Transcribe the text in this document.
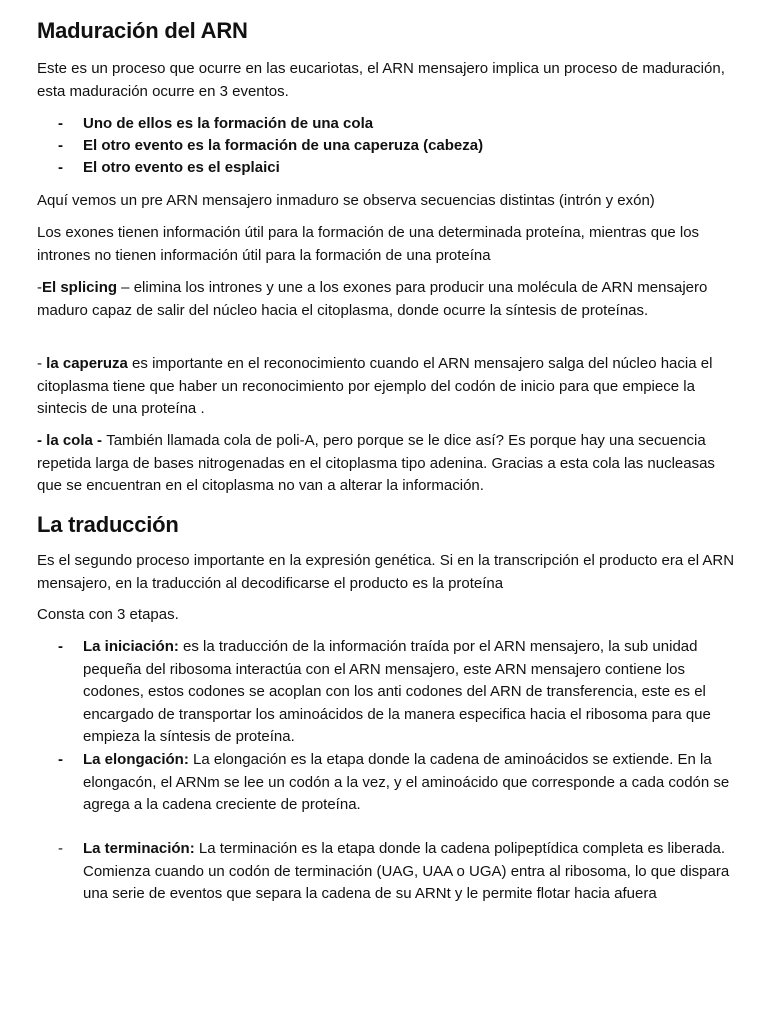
Maduración del ARN

Este es un proceso que ocurre en las eucariotas, el ARN mensajero implica un proceso de maduración, esta maduración ocurre en 3 eventos.

- Uno de ellos es la formación de una cola
- El otro evento es la formación de una caperuza (cabeza)
- El otro evento es el esplaici

Aquí vemos un pre ARN mensajero inmaduro se observa secuencias distintas (intrón y exón)

Los exones tienen información útil para la formación de una determinada proteína, mientras que los intrones no tienen información útil para la formación de una proteína

-El splicing – elimina los intrones y une a los exones para producir una molécula de ARN mensajero maduro capaz de salir del núcleo hacia el citoplasma, donde ocurre la síntesis de proteínas.

- la caperuza es importante en el reconocimiento cuando el ARN mensajero salga del núcleo hacia el citoplasma tiene que haber un reconocimiento por ejemplo del codón de inicio para que empiece la sintecis de una proteína .

- la cola - También llamada cola de poli-A, pero porque se le dice así? Es porque hay una secuencia repetida larga de bases nitrogenadas en el citoplasma tipo adenina. Gracias a esta cola las nucleasas que se encuentran en el citoplasma no van a alterar la información.

La traducción

Es el segundo proceso importante en la expresión genética. Si en la transcripción el producto era el ARN mensajero, en la traducción al decodificarse el producto es la proteína

Consta con 3 etapas.

- La iniciación: es la traducción de la información traída por el ARN mensajero, la sub unidad pequeña del ribosoma interactúa con el ARN mensajero, este ARN mensajero contiene los codones, estos codones se acoplan con los anti codones del ARN de transferencia, este es el encargado de transportar los aminoácidos de la manera especifica hacia el ribosoma para que empieza la síntesis de proteína.
- La elongación: La elongación es la etapa donde la cadena de aminoácidos se extiende. En la elongacón, el ARNm se lee un codón a la vez, y el aminoácido que corresponde a cada codón se agrega a la cadena creciente de proteína.
- La terminación: La terminación es la etapa donde la cadena polipeptídica completa es liberada. Comienza cuando un codón de terminación (UAG, UAA o UGA) entra al ribosoma, lo que dispara una serie de eventos que separa la cadena de su ARNt y le permite flotar hacia afuera
